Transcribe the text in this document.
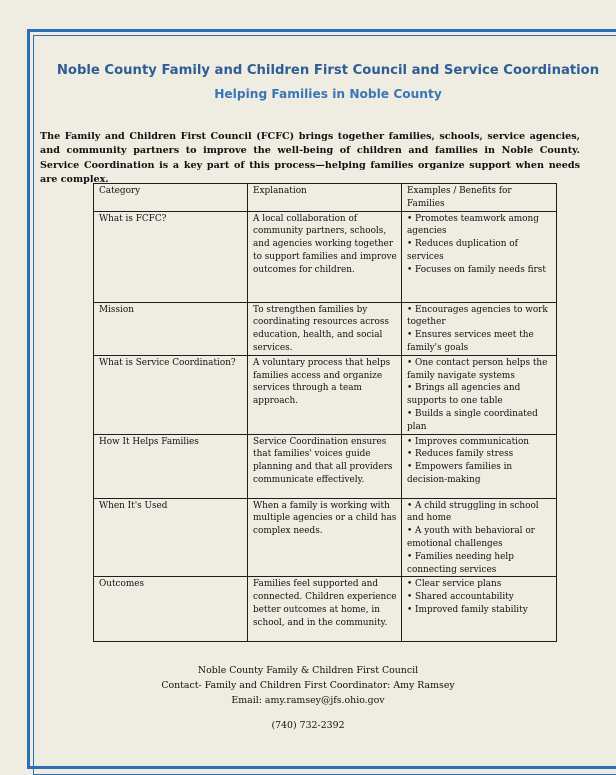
Noble County Family and Children First Council and Service Coordination
Helping Families in Noble County

The Family and Children First Council (FCFC) brings together families, schools, service agencies, and community partners to improve the well-being of children and families in Noble County. Service Coordination is a key part of this process—helping families organize support when needs are complex.

Category	Explanation	Examples / Benefits for Families
What is FCFC?	A local collaboration of community partners, schools, and agencies working together to support families and improve outcomes for children.	• Promotes teamwork among agencies
• Reduces duplication of services
• Focuses on family needs first

Mission	To strengthen families by coordinating resources across education, health, and social services.	• Encourages agencies to work together
• Ensures services meet the family's goals

What is Service Coordination?	A voluntary process that helps families access and organize services through a team approach.	• One contact person helps the family navigate systems
• Brings all agencies and supports to one table
• Builds a single coordinated plan

How It Helps Families	Service Coordination ensures that families' voices guide planning and that all providers communicate effectively.	• Improves communication
• Reduces family stress
• Empowers families in decision-making

When It's Used	When a family is working with multiple agencies or a child has complex needs.	• A child struggling in school and home
• A youth with behavioral or emotional challenges
• Families needing help connecting services

Outcomes	Families feel supported and connected. Children experience better outcomes at home, in school, and in the community.	• Clear service plans
• Shared accountability
• Improved family stability
Noble County Family & Children First Council
Contact- Family and Children First Coordinator: Amy Ramsey
Email: amy.ramsey@jfs.ohio.gov
(740) 732-2392
